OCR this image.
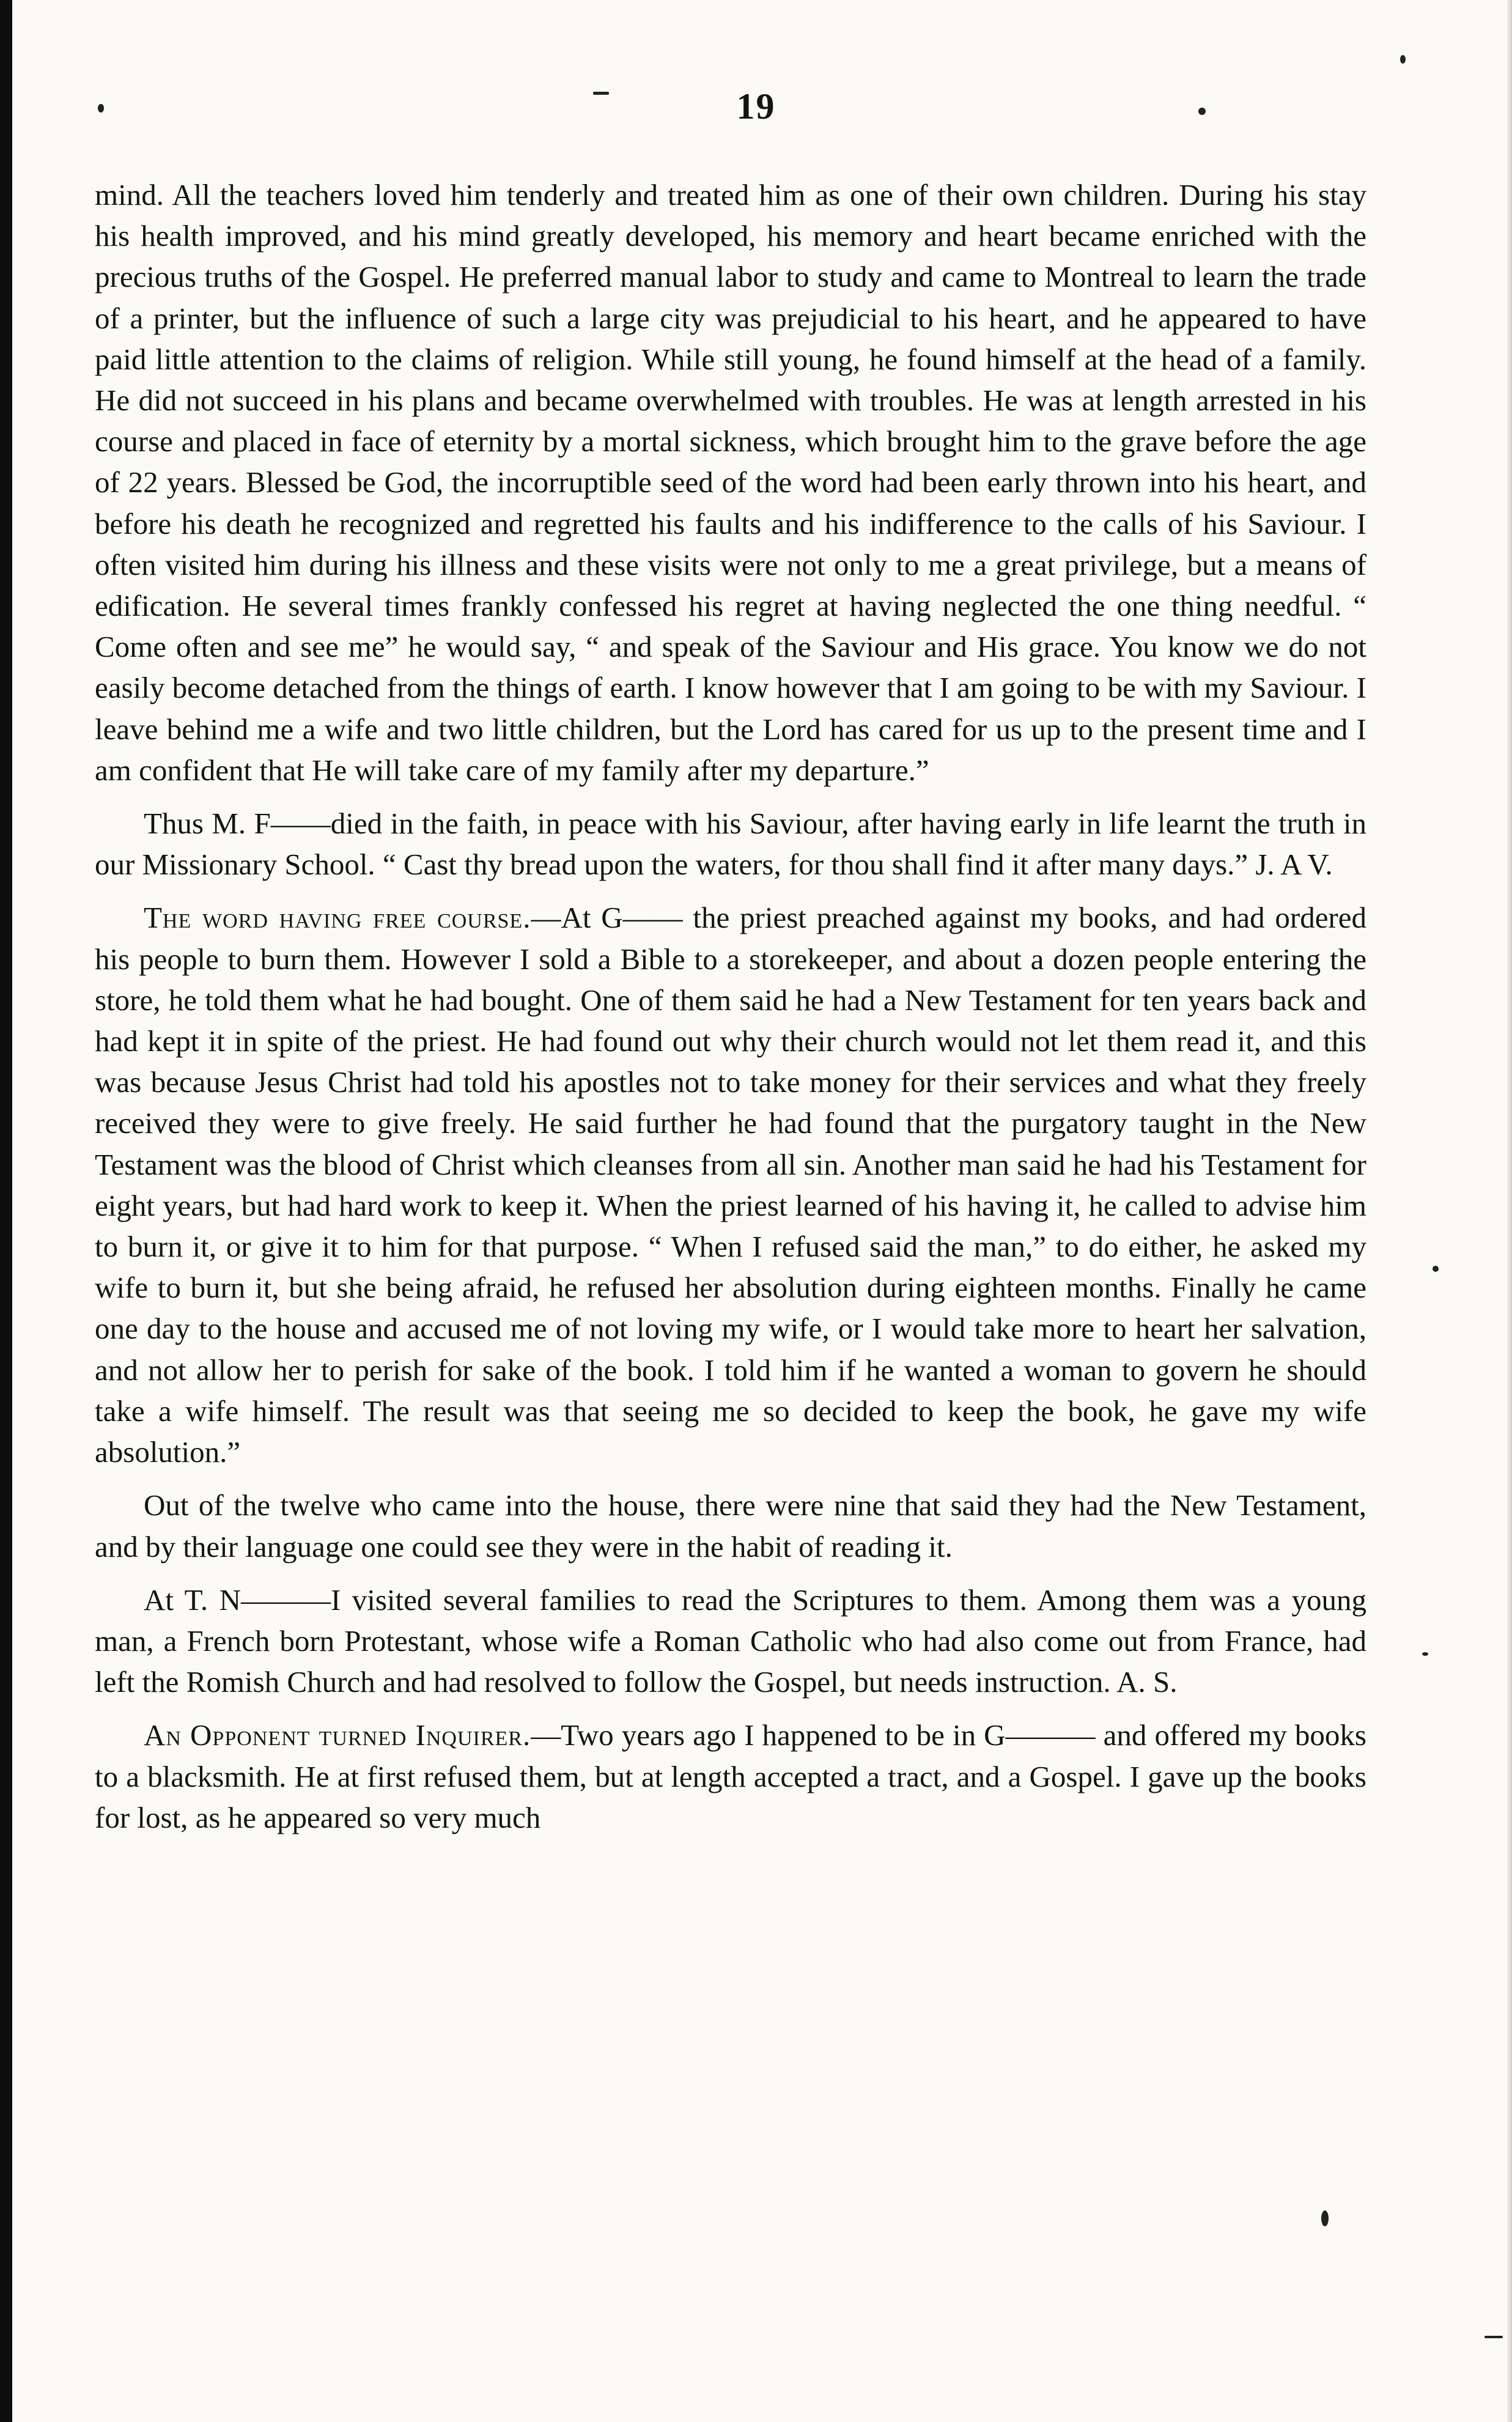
19

mind. All the teachers loved him tenderly and treated him as one of their own children. During his stay his health improved, and his mind greatly developed, his memory and heart became enriched with the precious truths of the Gospel. He preferred manual labor to study and came to Montreal to learn the trade of a printer, but the influence of such a large city was prejudicial to his heart, and he appeared to have paid little attention to the claims of religion. While still young, he found himself at the head of a family. He did not succeed in his plans and became overwhelmed with troubles. He was at length arrested in his course and placed in face of eternity by a mortal sickness, which brought him to the grave before the age of 22 years. Blessed be God, the incorruptible seed of the word had been early thrown into his heart, and before his death he recognized and regretted his faults and his indifference to the calls of his Saviour. I often visited him during his illness and these visits were not only to me a great privilege, but a means of edification. He several times frankly confessed his regret at having neglected the one thing needful. “ Come often and see me” he would say, “ and speak of the Saviour and His grace. You know we do not easily become detached from the things of earth. I know however that I am going to be with my Saviour. I leave behind me a wife and two little children, but the Lord has cared for us up to the present time and I am confident that He will take care of my family after my departure.”

Thus M. F——died in the faith, in peace with his Saviour, after having early in life learnt the truth in our Missionary School. “ Cast thy bread upon the waters, for thou shall find it after many days.” J. A V.

The word having free course.—At G—— the priest preached against my books, and had ordered his people to burn them. However I sold a Bible to a storekeeper, and about a dozen people entering the store, he told them what he had bought. One of them said he had a New Testament for ten years back and had kept it in spite of the priest. He had found out why their church would not let them read it, and this was because Jesus Christ had told his apostles not to take money for their services and what they freely received they were to give freely. He said further he had found that the purgatory taught in the New Testament was the blood of Christ which cleanses from all sin. Another man said he had his Testament for eight years, but had hard work to keep it. When the priest learned of his having it, he called to advise him to burn it, or give it to him for that purpose. “ When I refused said the man,” to do either, he asked my wife to burn it, but she being afraid, he refused her absolution during eighteen months. Finally he came one day to the house and accused me of not loving my wife, or I would take more to heart her salvation, and not allow her to perish for sake of the book. I told him if he wanted a woman to govern he should take a wife himself. The result was that seeing me so decided to keep the book, he gave my wife absolution.”

Out of the twelve who came into the house, there were nine that said they had the New Testament, and by their language one could see they were in the habit of reading it.

At T. N———I visited several families to read the Scriptures to them. Among them was a young man, a French born Protestant, whose wife a Roman Catholic who had also come out from France, had left the Romish Church and had resolved to follow the Gospel, but needs instruction. A. S.

An Opponent turned Inquirer.—Two years ago I happened to be in G——— and offered my books to a blacksmith. He at first refused them, but at length accepted a tract, and a Gospel. I gave up the books for lost, as he appeared so very much
